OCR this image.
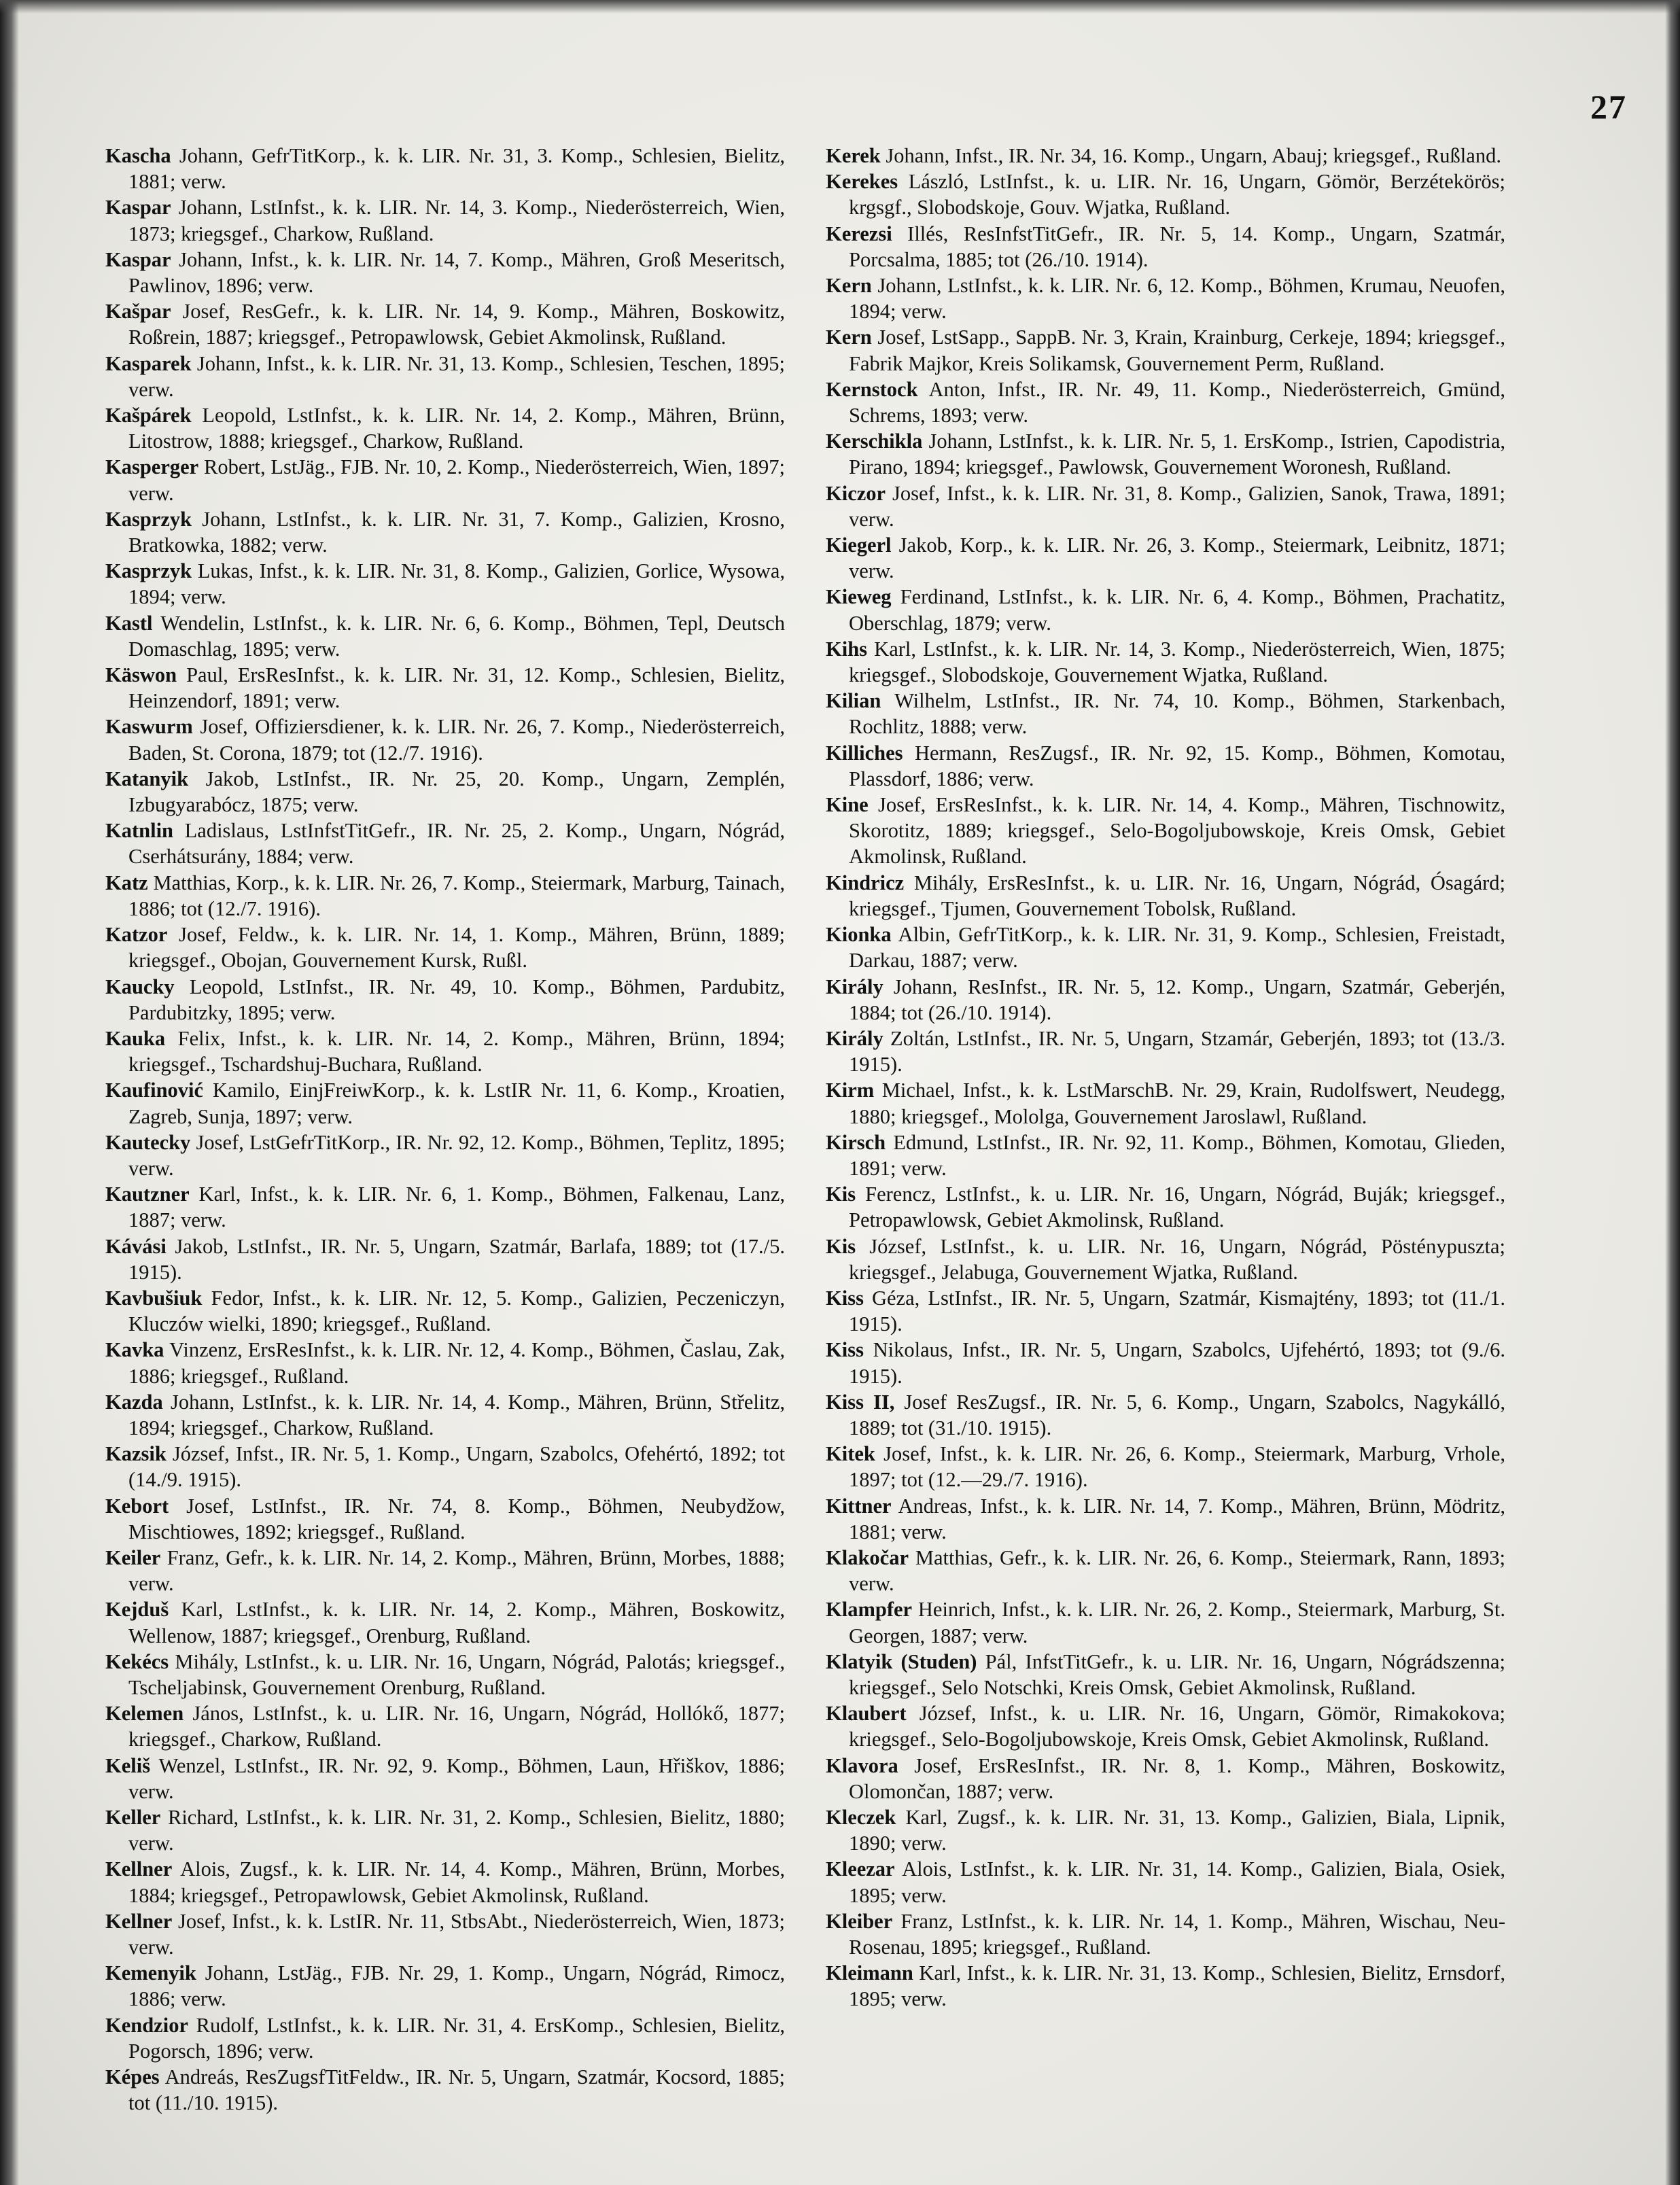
27

Kascha Johann, GefrTitKorp., k. k. LIR. Nr. 31, 3. Komp., Schlesien, Bielitz, 1881; verw.

Kaspar Johann, LstInfst., k. k. LIR. Nr. 14, 3. Komp., Niederösterreich, Wien, 1873; kriegsgef., Charkow, Rußland.

Kaspar Johann, Infst., k. k. LIR. Nr. 14, 7. Komp., Mähren, Groß Meseritsch, Pawlinov, 1896; verw.

Kašpar Josef, ResGefr., k. k. LIR. Nr. 14, 9. Komp., Mähren, Boskowitz, Roßrein, 1887; kriegsgef., Petropawlowsk, Gebiet Akmolinsk, Rußland.

Kasparek Johann, Infst., k. k. LIR. Nr. 31, 13. Komp., Schlesien, Teschen, 1895; verw.

Kašpárek Leopold, LstInfst., k. k. LIR. Nr. 14, 2. Komp., Mähren, Brünn, Litostrow, 1888; kriegsgef., Charkow, Rußland.

Kasperger Robert, LstJäg., FJB. Nr. 10, 2. Komp., Niederösterreich, Wien, 1897; verw.

Kasprzyk Johann, LstInfst., k. k. LIR. Nr. 31, 7. Komp., Galizien, Krosno, Bratkowka, 1882; verw.

Kasprzyk Lukas, Infst., k. k. LIR. Nr. 31, 8. Komp., Galizien, Gorlice, Wysowa, 1894; verw.

Kastl Wendelin, LstInfst., k. k. LIR. Nr. 6, 6. Komp., Böhmen, Tepl, Deutsch Domaschlag, 1895; verw.

Käswon Paul, ErsResInfst., k. k. LIR. Nr. 31, 12. Komp., Schlesien, Bielitz, Heinzendorf, 1891; verw.

Kaswurm Josef, Offiziersdiener, k. k. LIR. Nr. 26, 7. Komp., Niederösterreich, Baden, St. Corona, 1879; tot (12./7. 1916).

Katanyik Jakob, LstInfst., IR. Nr. 25, 20. Komp., Ungarn, Zemplén, Izbugyarabócz, 1875; verw.

Katnlin Ladislaus, LstInfstTitGefr., IR. Nr. 25, 2. Komp., Ungarn, Nógrád, Cserhátsurány, 1884; verw.

Katz Matthias, Korp., k. k. LIR. Nr. 26, 7. Komp., Steiermark, Marburg, Tainach, 1886; tot (12./7. 1916).

Katzor Josef, Feldw., k. k. LIR. Nr. 14, 1. Komp., Mähren, Brünn, 1889; kriegsgef., Obojan, Gouvernement Kursk, Rußl.

Kaucky Leopold, LstInfst., IR. Nr. 49, 10. Komp., Böhmen, Pardubitz, Pardubitzky, 1895; verw.

Kauka Felix, Infst., k. k. LIR. Nr. 14, 2. Komp., Mähren, Brünn, 1894; kriegsgef., Tschardshuj-Buchara, Rußland.

Kaufinović Kamilo, EinjFreiwKorp., k. k. LstIR Nr. 11, 6. Komp., Kroatien, Zagreb, Sunja, 1897; verw.

Kautecky Josef, LstGefrTitKorp., IR. Nr. 92, 12. Komp., Böhmen, Teplitz, 1895; verw.

Kautzner Karl, Infst., k. k. LIR. Nr. 6, 1. Komp., Böhmen, Falkenau, Lanz, 1887; verw.

Kávási Jakob, LstInfst., IR. Nr. 5, Ungarn, Szatmár, Barlafa, 1889; tot (17./5. 1915).

Kavbušiuk Fedor, Infst., k. k. LIR. Nr. 12, 5. Komp., Galizien, Peczeniczyn, Kluczów wielki, 1890; kriegsgef., Rußland.

Kavka Vinzenz, ErsResInfst., k. k. LIR. Nr. 12, 4. Komp., Böhmen, Časlau, Zak, 1886; kriegsgef., Rußland.

Kazda Johann, LstInfst., k. k. LIR. Nr. 14, 4. Komp., Mähren, Brünn, Střelitz, 1894; kriegsgef., Charkow, Rußland.

Kazsik József, Infst., IR. Nr. 5, 1. Komp., Ungarn, Szabolcs, Ofehértó, 1892; tot (14./9. 1915).

Kebort Josef, LstInfst., IR. Nr. 74, 8. Komp., Böhmen, Neubydžow, Mischtiowes, 1892; kriegsgef., Rußland.

Keiler Franz, Gefr., k. k. LIR. Nr. 14, 2. Komp., Mähren, Brünn, Morbes, 1888; verw.

Kejduš Karl, LstInfst., k. k. LIR. Nr. 14, 2. Komp., Mähren, Boskowitz, Wellenow, 1887; kriegsgef., Orenburg, Rußland.

Kekécs Mihály, LstInfst., k. u. LIR. Nr. 16, Ungarn, Nógrád, Palotás; kriegsgef., Tscheljabinsk, Gouvernement Orenburg, Rußland.

Kelemen János, LstInfst., k. u. LIR. Nr. 16, Ungarn, Nógrád, Hollókő, 1877; kriegsgef., Charkow, Rußland.

Keliš Wenzel, LstInfst., IR. Nr. 92, 9. Komp., Böhmen, Laun, Hřiškov, 1886; verw.

Keller Richard, LstInfst., k. k. LIR. Nr. 31, 2. Komp., Schlesien, Bielitz, 1880; verw.

Kellner Alois, Zugsf., k. k. LIR. Nr. 14, 4. Komp., Mähren, Brünn, Morbes, 1884; kriegsgef., Petropawlowsk, Gebiet Akmolinsk, Rußland.

Kellner Josef, Infst., k. k. LstIR. Nr. 11, StbsAbt., Niederösterreich, Wien, 1873; verw.

Kemenyik Johann, LstJäg., FJB. Nr. 29, 1. Komp., Ungarn, Nógrád, Rimocz, 1886; verw.

Kendzior Rudolf, LstInfst., k. k. LIR. Nr. 31, 4. ErsKomp., Schlesien, Bielitz, Pogorsch, 1896; verw.

Képes Andreás, ResZugsfTitFeldw., IR. Nr. 5, Ungarn, Szatmár, Kocsord, 1885; tot (11./10. 1915).

Kerek Johann, Infst., IR. Nr. 34, 16. Komp., Ungarn, Abauj; kriegsgef., Rußland.

Kerekes László, LstInfst., k. u. LIR. Nr. 16, Ungarn, Gömör, Berzétekörös; krgsgf., Slobodskoje, Gouv. Wjatka, Rußland.

Kerezsi Illés, ResInfstTitGefr., IR. Nr. 5, 14. Komp., Ungarn, Szatmár, Porcsalma, 1885; tot (26./10. 1914).

Kern Johann, LstInfst., k. k. LIR. Nr. 6, 12. Komp., Böhmen, Krumau, Neuofen, 1894; verw.

Kern Josef, LstSapp., SappB. Nr. 3, Krain, Krainburg, Cerkeje, 1894; kriegsgef., Fabrik Majkor, Kreis Solikamsk, Gouvernement Perm, Rußland.

Kernstock Anton, Infst., IR. Nr. 49, 11. Komp., Niederösterreich, Gmünd, Schrems, 1893; verw.

Kerschikla Johann, LstInfst., k. k. LIR. Nr. 5, 1. ErsKomp., Istrien, Capodistria, Pirano, 1894; kriegsgef., Pawlowsk, Gouvernement Woronesh, Rußland.

Kiczor Josef, Infst., k. k. LIR. Nr. 31, 8. Komp., Galizien, Sanok, Trawa, 1891; verw.

Kiegerl Jakob, Korp., k. k. LIR. Nr. 26, 3. Komp., Steiermark, Leibnitz, 1871; verw.

Kieweg Ferdinand, LstInfst., k. k. LIR. Nr. 6, 4. Komp., Böhmen, Prachatitz, Oberschlag, 1879; verw.

Kihs Karl, LstInfst., k. k. LIR. Nr. 14, 3. Komp., Niederösterreich, Wien, 1875; kriegsgef., Slobodskoje, Gouvernement Wjatka, Rußland.

Kilian Wilhelm, LstInfst., IR. Nr. 74, 10. Komp., Böhmen, Starkenbach, Rochlitz, 1888; verw.

Killiches Hermann, ResZugsf., IR. Nr. 92, 15. Komp., Böhmen, Komotau, Plassdorf, 1886; verw.

Kine Josef, ErsResInfst., k. k. LIR. Nr. 14, 4. Komp., Mähren, Tischnowitz, Skorotitz, 1889; kriegsgef., Selo-Bogoljubowskoje, Kreis Omsk, Gebiet Akmolinsk, Rußland.

Kindricz Mihály, ErsResInfst., k. u. LIR. Nr. 16, Ungarn, Nógrád, Ósagárd; kriegsgef., Tjumen, Gouvernement Tobolsk, Rußland.

Kionka Albin, GefrTitKorp., k. k. LIR. Nr. 31, 9. Komp., Schlesien, Freistadt, Darkau, 1887; verw.

Király Johann, ResInfst., IR. Nr. 5, 12. Komp., Ungarn, Szatmár, Geberjén, 1884; tot (26./10. 1914).

Király Zoltán, LstInfst., IR. Nr. 5, Ungarn, Stzamár, Geberjén, 1893; tot (13./3. 1915).

Kirm Michael, Infst., k. k. LstMarschB. Nr. 29, Krain, Rudolfswert, Neudegg, 1880; kriegsgef., Mololga, Gouvernement Jaroslawl, Rußland.

Kirsch Edmund, LstInfst., IR. Nr. 92, 11. Komp., Böhmen, Komotau, Glieden, 1891; verw.

Kis Ferencz, LstInfst., k. u. LIR. Nr. 16, Ungarn, Nógrád, Buják; kriegsgef., Petropawlowsk, Gebiet Akmolinsk, Rußland.

Kis József, LstInfst., k. u. LIR. Nr. 16, Ungarn, Nógrád, Pösténypuszta; kriegsgef., Jelabuga, Gouvernement Wjatka, Rußland.

Kiss Géza, LstInfst., IR. Nr. 5, Ungarn, Szatmár, Kismajtény, 1893; tot (11./1. 1915).

Kiss Nikolaus, Infst., IR. Nr. 5, Ungarn, Szabolcs, Ujfehértó, 1893; tot (9./6. 1915).

Kiss II, Josef ResZugsf., IR. Nr. 5, 6. Komp., Ungarn, Szabolcs, Nagykálló, 1889; tot (31./10. 1915).

Kitek Josef, Infst., k. k. LIR. Nr. 26, 6. Komp., Steiermark, Marburg, Vrhole, 1897; tot (12.—29./7. 1916).

Kittner Andreas, Infst., k. k. LIR. Nr. 14, 7. Komp., Mähren, Brünn, Mödritz, 1881; verw.

Klakočar Matthias, Gefr., k. k. LIR. Nr. 26, 6. Komp., Steiermark, Rann, 1893; verw.

Klampfer Heinrich, Infst., k. k. LIR. Nr. 26, 2. Komp., Steiermark, Marburg, St. Georgen, 1887; verw.

Klatyik (Studen) Pál, InfstTitGefr., k. u. LIR. Nr. 16, Ungarn, Nógrádszenna; kriegsgef., Selo Notschki, Kreis Omsk, Gebiet Akmolinsk, Rußland.

Klaubert József, Infst., k. u. LIR. Nr. 16, Ungarn, Gömör, Rimakokova; kriegsgef., Selo-Bogoljubowskoje, Kreis Omsk, Gebiet Akmolinsk, Rußland.

Klavora Josef, ErsResInfst., IR. Nr. 8, 1. Komp., Mähren, Boskowitz, Olomončan, 1887; verw.

Kleczek Karl, Zugsf., k. k. LIR. Nr. 31, 13. Komp., Galizien, Biala, Lipnik, 1890; verw.

Kleezar Alois, LstInfst., k. k. LIR. Nr. 31, 14. Komp., Galizien, Biala, Osiek, 1895; verw.

Kleiber Franz, LstInfst., k. k. LIR. Nr. 14, 1. Komp., Mähren, Wischau, Neu-Rosenau, 1895; kriegsgef., Rußland.

Kleimann Karl, Infst., k. k. LIR. Nr. 31, 13. Komp., Schlesien, Bielitz, Ernsdorf, 1895; verw.
